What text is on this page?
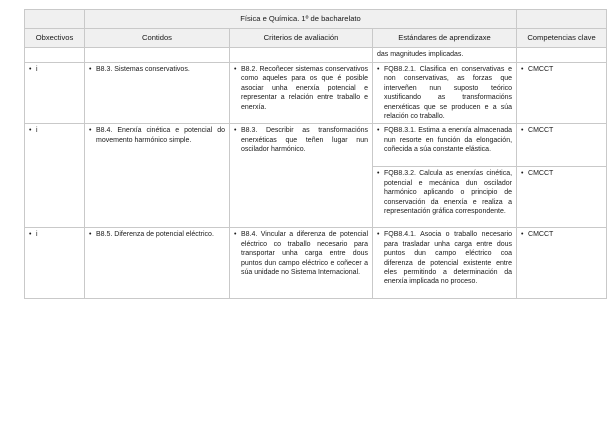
	Física e Química. 1º de bacharelato			
Obxectivos	Contidos	Criterios de avaliación	Estándares de aprendizaxe	Competencias clave
			das magnitudes implicadas.	

• i	• B8.3. Sistemas conservativos.	• B8.2. Recoñecer sistemas conservativos como aqueles para os que é posible asociar unha enerxía potencial e representar a relación entre traballo e enerxía.	• FQB8.2.1. Clasifica en conservativas e non conservativas, as forzas que interveñen nun suposto teórico xustificando as transformacións enerxéticas que se producen e a súa relación co traballo.	• CMCCT

• i	• B8.4. Enerxía cinética e potencial do movemento harmónico simple.	• B8.3. Describir as transformacións enerxéticas que teñen lugar nun oscilador harmónico.	• FQB8.3.1. Estima a enerxía almacenada nun resorte en función da elongación, coñecida a súa constante elástica.	• CMCCT

			• FQB8.3.2. Calcula as enerxías cinética, potencial e mecánica dun oscilador harmónico aplicando o principio de conservación da enerxía e realiza a representación gráfica correspondente.	• CMCCT

• i	• B8.5. Diferenza de potencial eléctrico.	• B8.4. Vincular a diferenza de potencial eléctrico co traballo necesario para transportar unha carga entre dous puntos dun campo eléctrico e coñecer a súa unidade no Sistema Internacional.	• FQB8.4.1. Asocia o traballo necesario para trasladar unha carga entre dous puntos dun campo eléctrico coa diferenza de potencial existente entre eles permitindo a determinación da enerxía implicada no proceso.	• CMCCT
